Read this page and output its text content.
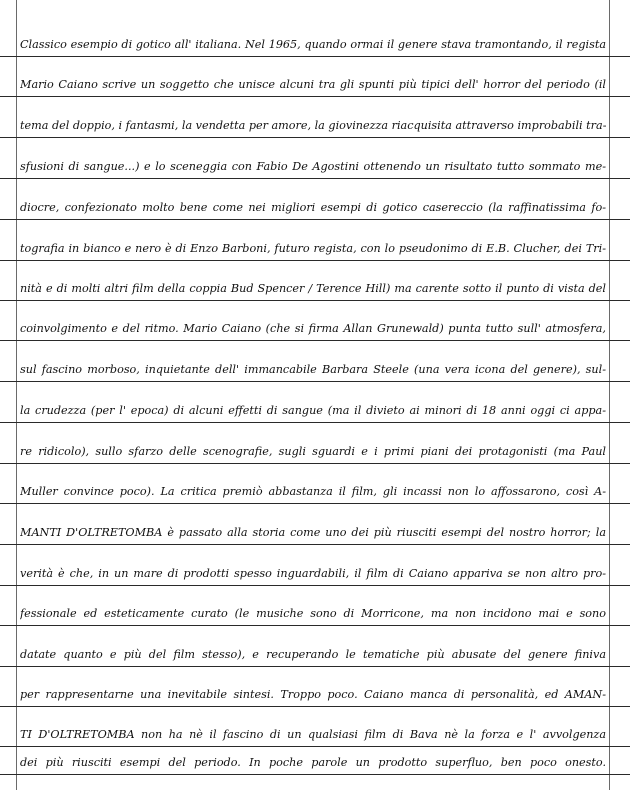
Classico esempio di gotico all' italiana. Nel 1965, quando ormai il genere stava tramontando, il regista
Mario Caiano scrive un soggetto che unisce alcuni tra gli spunti più tipici dell' horror del periodo (il
tema del doppio, i fantasmi, la vendetta per amore, la giovinezza riacquisita attraverso improbabili tra-
sfusioni di sangue...) e lo sceneggia con Fabio De Agostini ottenendo un risultato tutto sommato me-
diocre, confezionato molto bene come nei migliori esempi di gotico casereccio (la raffinatissima fo-
tografia in bianco e nero è di Enzo Barboni, futuro regista, con lo pseudonimo di E.B. Clucher, dei Tri-
nità e di molti altri film della coppia Bud Spencer / Terence Hill) ma carente sotto il punto di vista del
coinvolgimento e del ritmo. Mario Caiano (che si firma Allan Grunewald) punta tutto sull' atmosfera,
sul fascino morboso, inquietante dell' immancabile Barbara Steele (una vera icona del genere), sul-
la crudezza (per l' epoca) di alcuni effetti di sangue (ma il divieto ai minori di 18 anni oggi ci appa-
re ridicolo), sullo sfarzo delle scenografie, sugli sguardi e i primi piani dei protagonisti (ma Paul
Muller convince poco). La critica premiò abbastanza il film, gli incassi non lo affossarono, così A-
MANTI D'OLTRETOMBA è passato alla storia come uno dei più riusciti esempi del nostro horror; la
verità è che, in un mare di prodotti spesso inguardabili, il film di Caiano appariva se non altro pro-
fessionale ed esteticamente curato (le musiche sono di Morricone, ma non incidono mai e sono
datate quanto e più del film stesso), e recuperando le tematiche più abusate del genere finiva
per rappresentarne una inevitabile sintesi. Troppo poco. Caiano manca di personalità, ed AMAN-
TI D'OLTRETOMBA non ha nè il fascino di un qualsiasi film di Bava nè la forza e l' avvolgenza
dei più riusciti esempi del periodo. In poche parole un prodotto superfluo, ben poco onesto.
